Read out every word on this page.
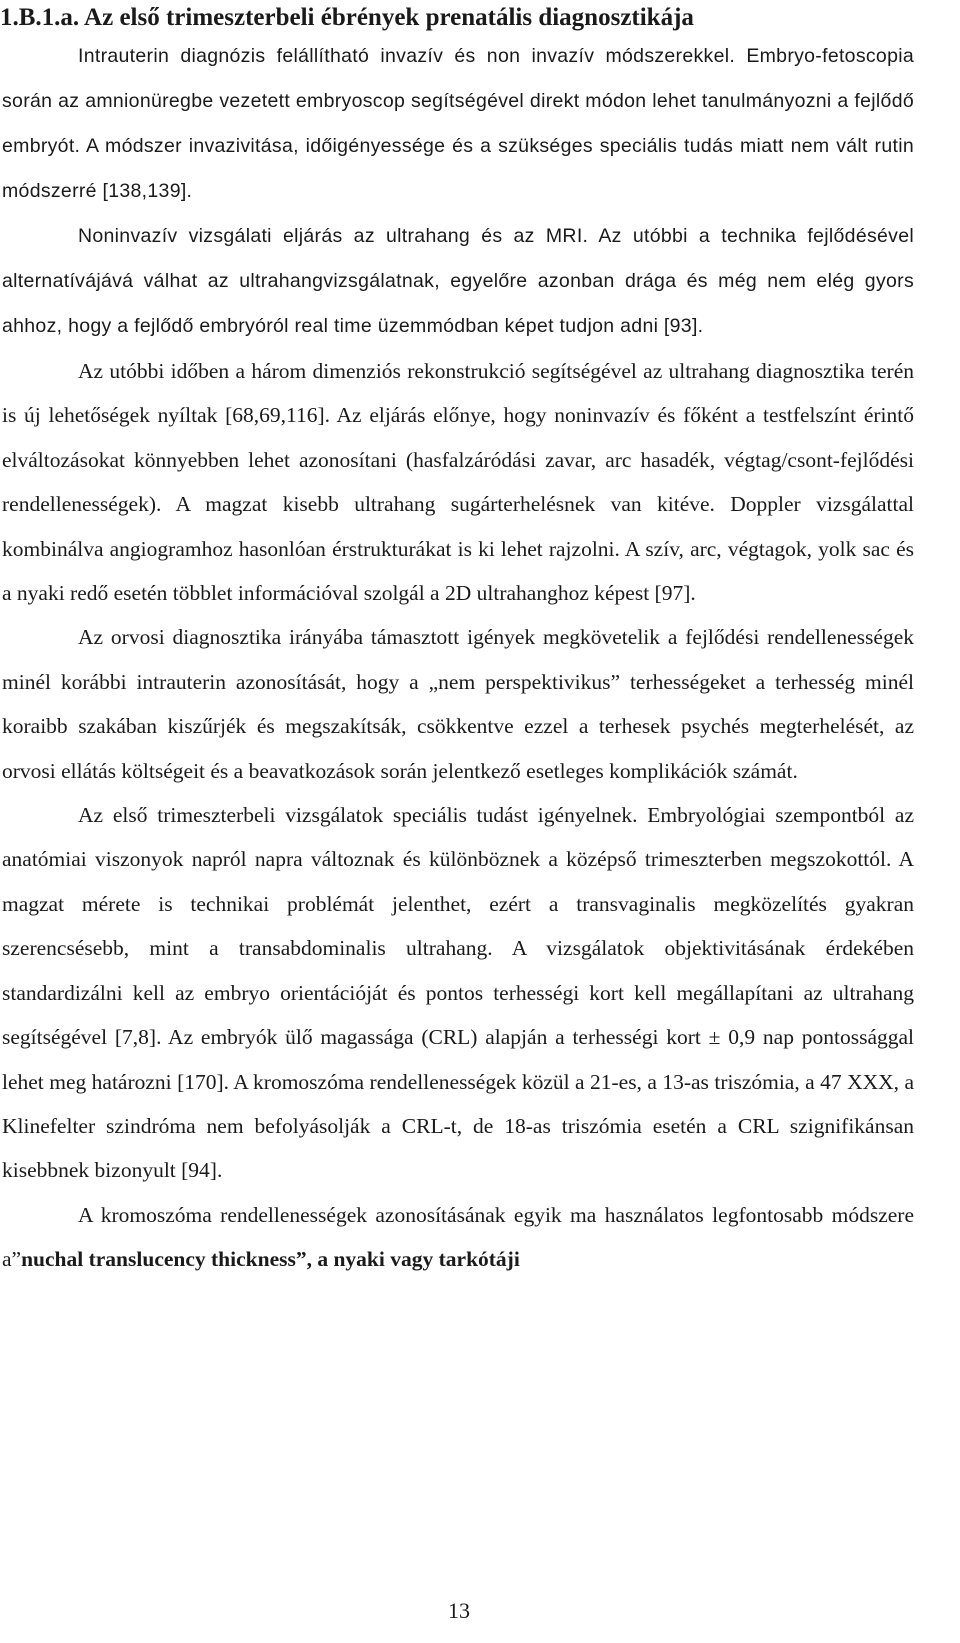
1.B.1.a. Az első trimeszterbeli ébrények prenatális diagnosztikája

Intrauterin diagnózis felállítható invazív és non invazív módszerekkel. Embryo-fetoscopia során az amnionüregbe vezetett embryoscop segítségével direkt módon lehet tanulmányozni a fejlődő embryót. A módszer invazivitása, időigényessége és a szükséges speciális tudás miatt nem vált rutin módszerré [138,139].

Noninvazív vizsgálati eljárás az ultrahang és az MRI. Az utóbbi a technika fejlődésével alternatívájává válhat az ultrahangvizsgálatnak, egyelőre azonban drága és még nem elég gyors ahhoz, hogy a fejlődő embryóról real time üzemmódban képet tudjon adni [93].

Az utóbbi időben a három dimenziós rekonstrukció segítségével az ultrahang diagnosztika terén is új lehetőségek nyíltak [68,69,116]. Az eljárás előnye, hogy noninvazív és főként a testfelszínt érintő elváltozásokat könnyebben lehet azonosítani (hasfalzáródási zavar, arc hasadék, végtag/csont-fejlődési rendellenességek). A magzat kisebb ultrahang sugárterhelésnek van kitéve. Doppler vizsgálattal kombinálva angiogramhoz hasonlóan érstrukturákat is ki lehet rajzolni. A szív, arc, végtagok, yolk sac és a nyaki redő esetén többlet információval szolgál a 2D ultrahanghoz képest [97].

Az orvosi diagnosztika irányába támasztott igények megkövetelik a fejlődési rendellenességek minél korábbi intrauterin azonosítását, hogy a „nem perspektivikus” terhességeket a terhesség minél koraibb szakában kiszűrjék és megszakítsák, csökkentve ezzel a terhesek psychés megterhelését, az orvosi ellátás költségeit és a beavatkozások során jelentkező esetleges komplikációk számát.

Az első trimeszterbeli vizsgálatok speciális tudást igényelnek. Embryológiai szempontból az anatómiai viszonyok napról napra változnak és különböznek a középső trimeszterben megszokottól. A magzat mérete is technikai problémát jelenthet, ezért a transvaginalis megközelítés gyakran szerencsésebb, mint a transabdominalis ultrahang. A vizsgálatok objektivitásának érdekében standardizálni kell az embryo orientációját és pontos terhességi kort kell megállapítani az ultrahang segítségével [7,8]. Az embryók ülő magassága (CRL) alapján a terhességi kort ± 0,9 nap pontossággal lehet meg határozni [170]. A kromoszóma rendellenességek közül a 21-es, a 13-as triszómia, a 47 XXX, a Klinefelter szindróma nem befolyásolják a CRL-t, de 18-as triszómia esetén a CRL szignifikánsan kisebbnek bizonyult [94].

A kromoszóma rendellenességek azonosításának egyik ma használatos legfontosabb módszere a”nuchal translucency thickness”, a nyaki vagy tarkótáji

13
